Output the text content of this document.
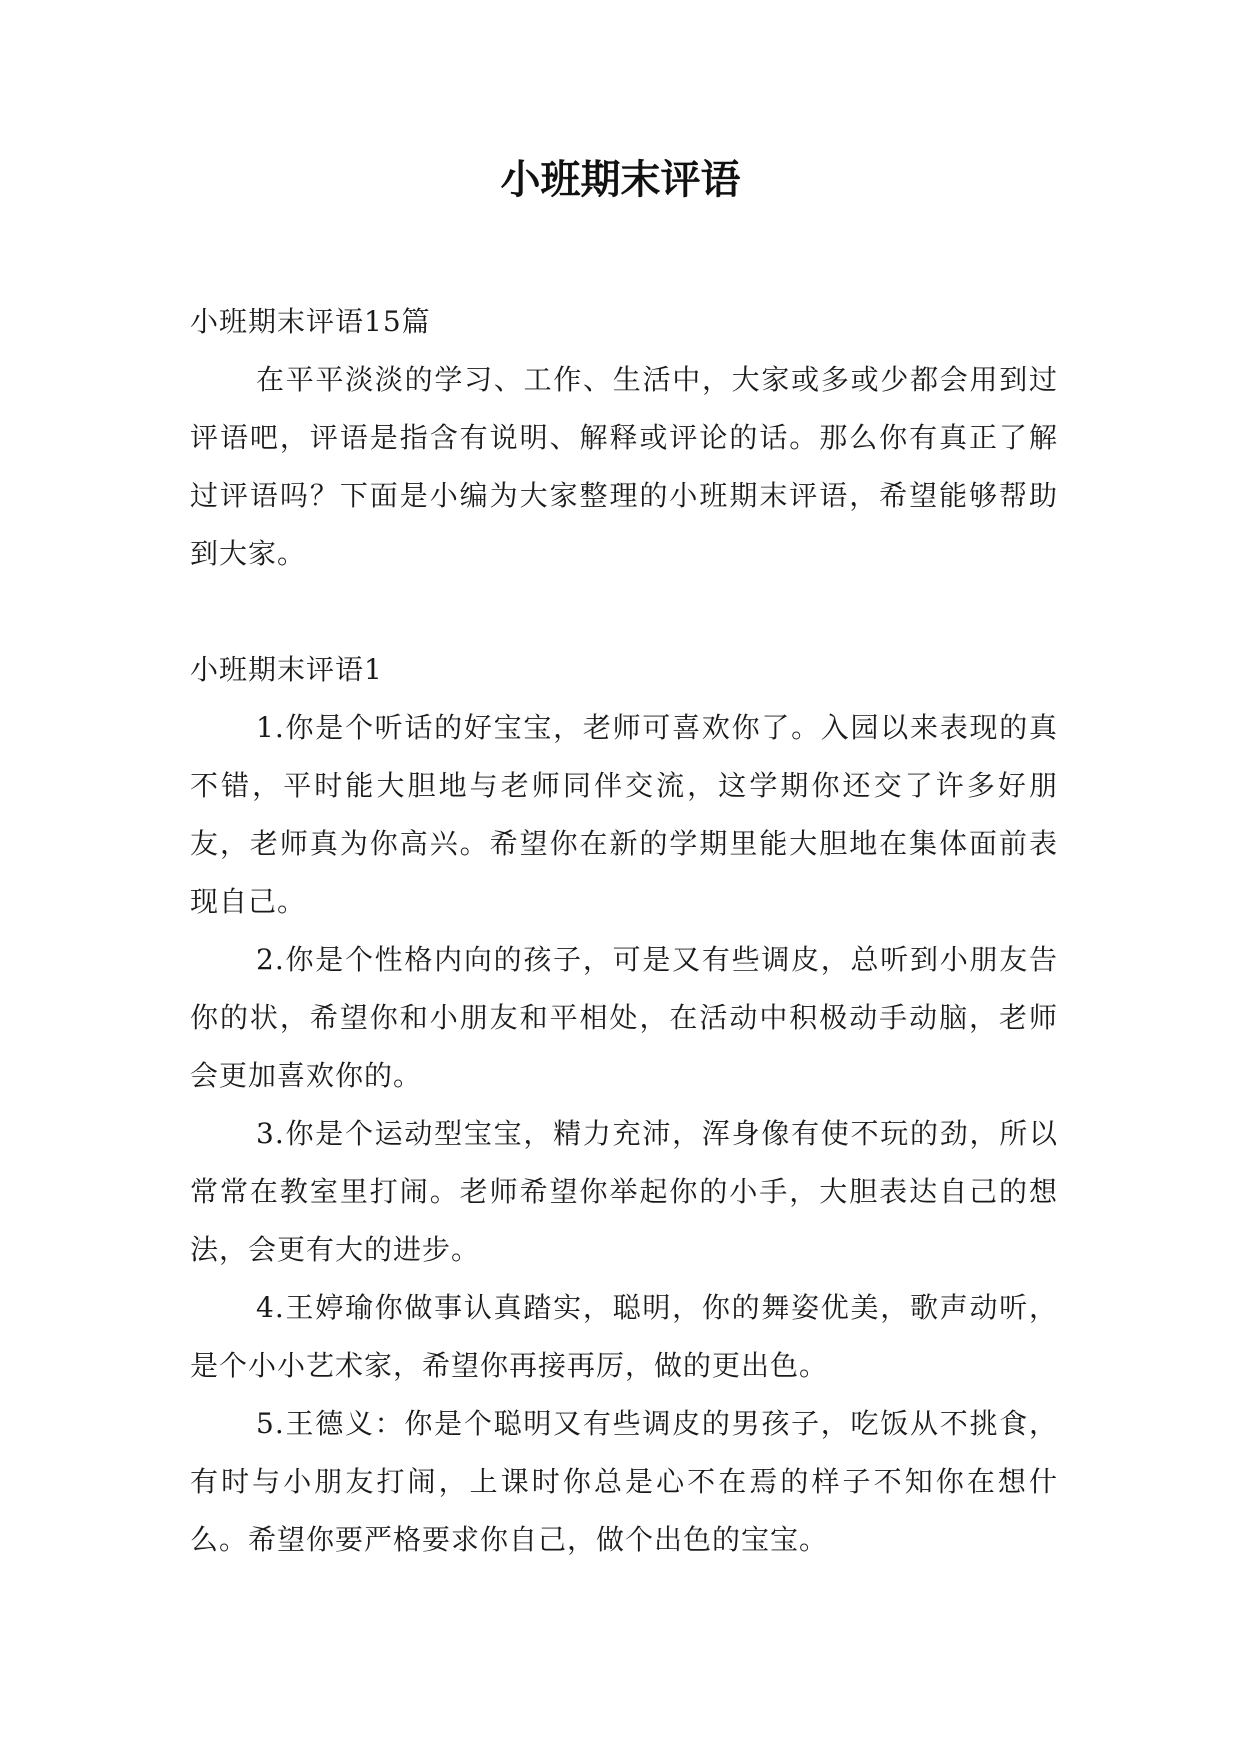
小班期末评语

小班期末评语15篇

在平平淡淡的学习、工作、生活中，大家或多或少都会用到过评语吧，评语是指含有说明、解释或评论的话。那么你有真正了解过评语吗？下面是小编为大家整理的小班期末评语，希望能够帮助到大家。

小班期末评语1

1.你是个听话的好宝宝，老师可喜欢你了。入园以来表现的真不错，平时能大胆地与老师同伴交流，这学期你还交了许多好朋友，老师真为你高兴。希望你在新的学期里能大胆地在集体面前表现自己。

2.你是个性格内向的孩子，可是又有些调皮，总听到小朋友告你的状，希望你和小朋友和平相处，在活动中积极动手动脑，老师会更加喜欢你的。

3.你是个运动型宝宝，精力充沛，浑身像有使不玩的劲，所以常常在教室里打闹。老师希望你举起你的小手，大胆表达自己的想法，会更有大的进步。

4.王婷瑜你做事认真踏实，聪明，你的舞姿优美，歌声动听，是个小小艺术家，希望你再接再厉，做的更出色。

5.王德义：你是个聪明又有些调皮的男孩子，吃饭从不挑食，有时与小朋友打闹，上课时你总是心不在焉的样子不知你在想什么。希望你要严格要求你自己，做个出色的宝宝。
